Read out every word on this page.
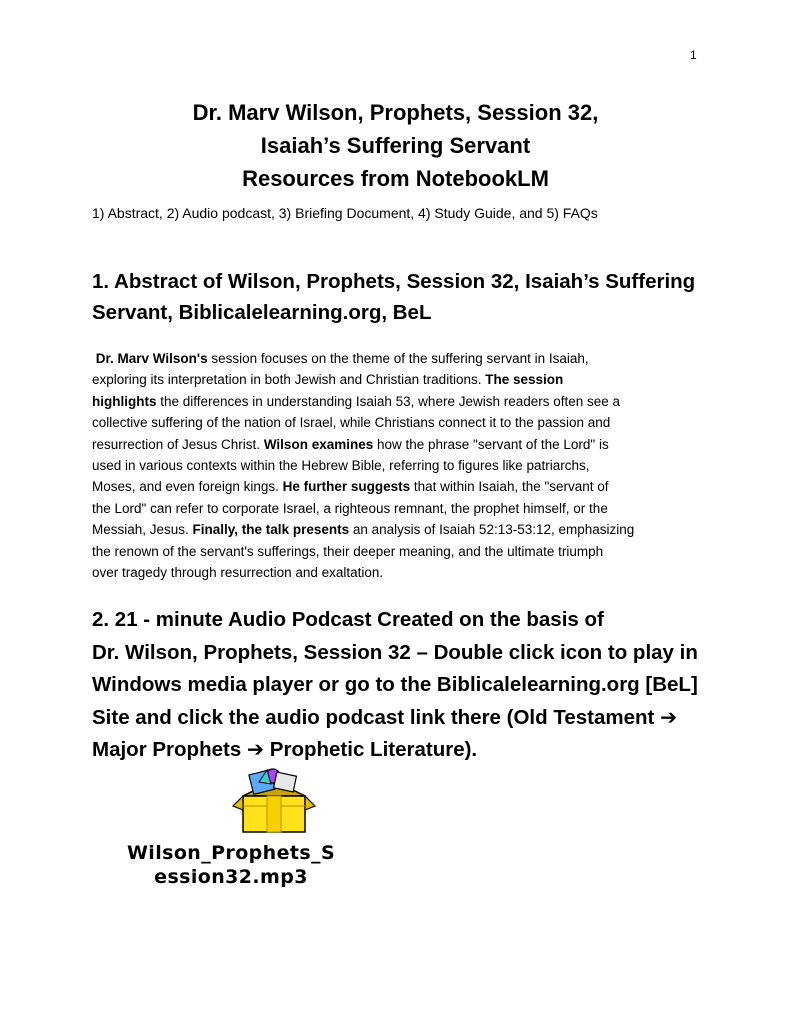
1
Dr. Marv Wilson, Prophets, Session 32,
Isaiah’s Suffering Servant
Resources from NotebookLM
1) Abstract, 2) Audio podcast, 3) Briefing Document, 4) Study Guide, and 5) FAQs
1. Abstract of Wilson, Prophets, Session 32, Isaiah’s Suffering
Servant, Biblicalelearning.org, BeL
Dr. Marv Wilson's session focuses on the theme of the suffering servant in Isaiah,
exploring its interpretation in both Jewish and Christian traditions. The session
highlights the differences in understanding Isaiah 53, where Jewish readers often see a
collective suffering of the nation of Israel, while Christians connect it to the passion and
resurrection of Jesus Christ. Wilson examines how the phrase "servant of the Lord" is
used in various contexts within the Hebrew Bible, referring to figures like patriarchs,
Moses, and even foreign kings. He further suggests that within Isaiah, the "servant of
the Lord" can refer to corporate Israel, a righteous remnant, the prophet himself, or the
Messiah, Jesus. Finally, the talk presents an analysis of Isaiah 52:13-53:12, emphasizing
the renown of the servant's sufferings, their deeper meaning, and the ultimate triumph
over tragedy through resurrection and exaltation.
2. 21 - minute Audio Podcast Created on the basis of
Dr. Wilson, Prophets, Session 32 – Double click icon to play in
Windows media player or go to the Biblicalelearning.org [BeL]
Site and click the audio podcast link there (Old Testament ➔
Major Prophets ➔ Prophetic Literature).
Wilson_Prophets_S
ession32.mp3
